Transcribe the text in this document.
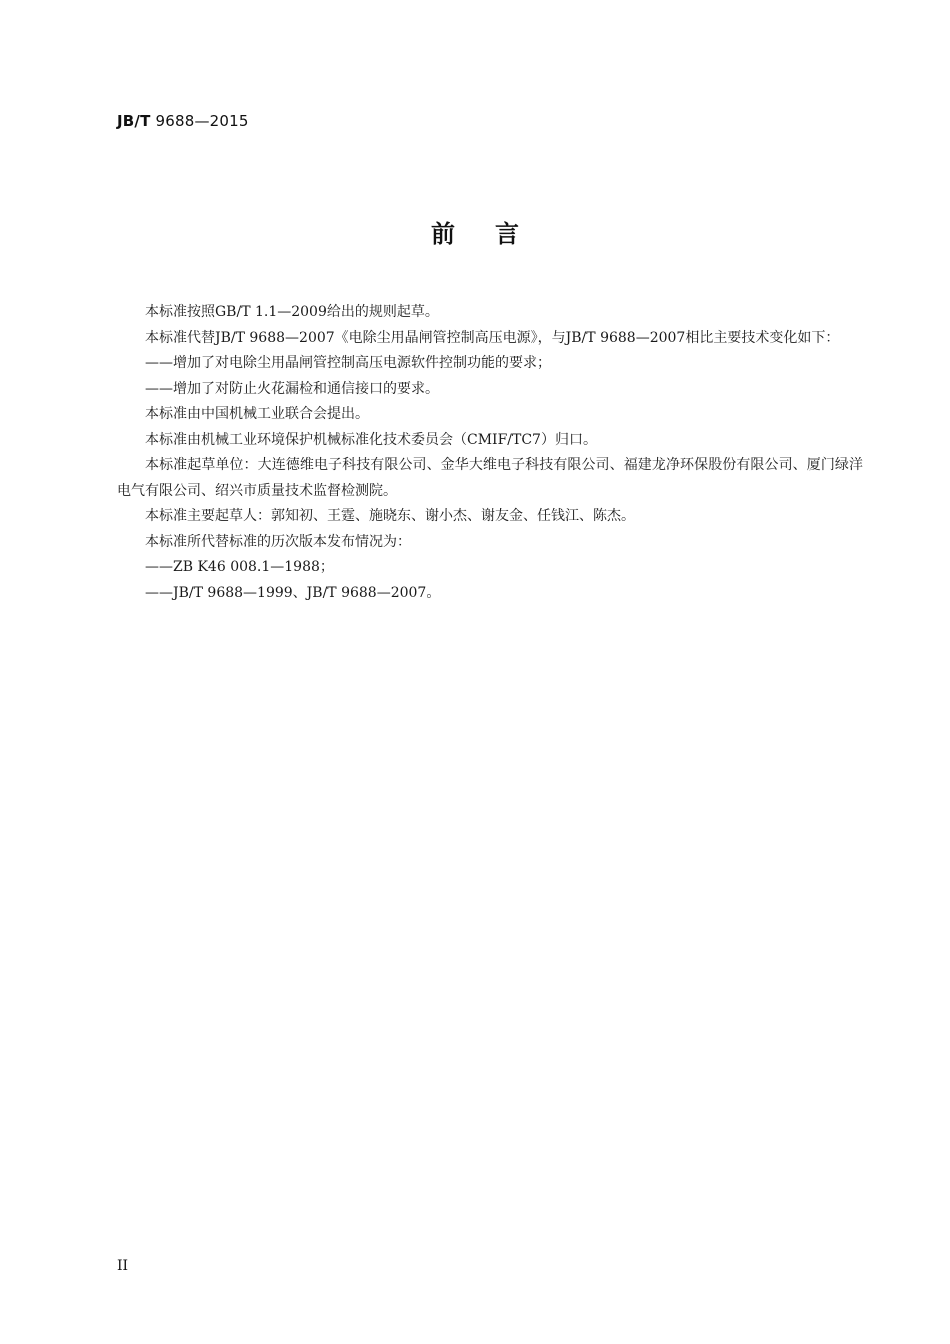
JB/T 9688—2015
前言

本标准按照GB/T 1.1—2009给出的规则起草。

本标准代替JB/T 9688—2007《电除尘用晶闸管控制高压电源》，与JB/T 9688—2007相比主要技术变化如下：

——增加了对电除尘用晶闸管控制高压电源软件控制功能的要求；

——增加了对防止火花漏检和通信接口的要求。

本标准由中国机械工业联合会提出。

本标准由机械工业环境保护机械标准化技术委员会（CMIF/TC7）归口。

本标准起草单位：大连德维电子科技有限公司、金华大维电子科技有限公司、福建龙净环保股份有限公司、厦门绿洋电气有限公司、绍兴市质量技术监督检测院。

本标准主要起草人：郭知初、王霆、施晓东、谢小杰、谢友金、任钱江、陈杰。

本标准所代替标准的历次版本发布情况为：

——ZB K46 008.1—1988；

——JB/T 9688—1999、JB/T 9688—2007。

II
